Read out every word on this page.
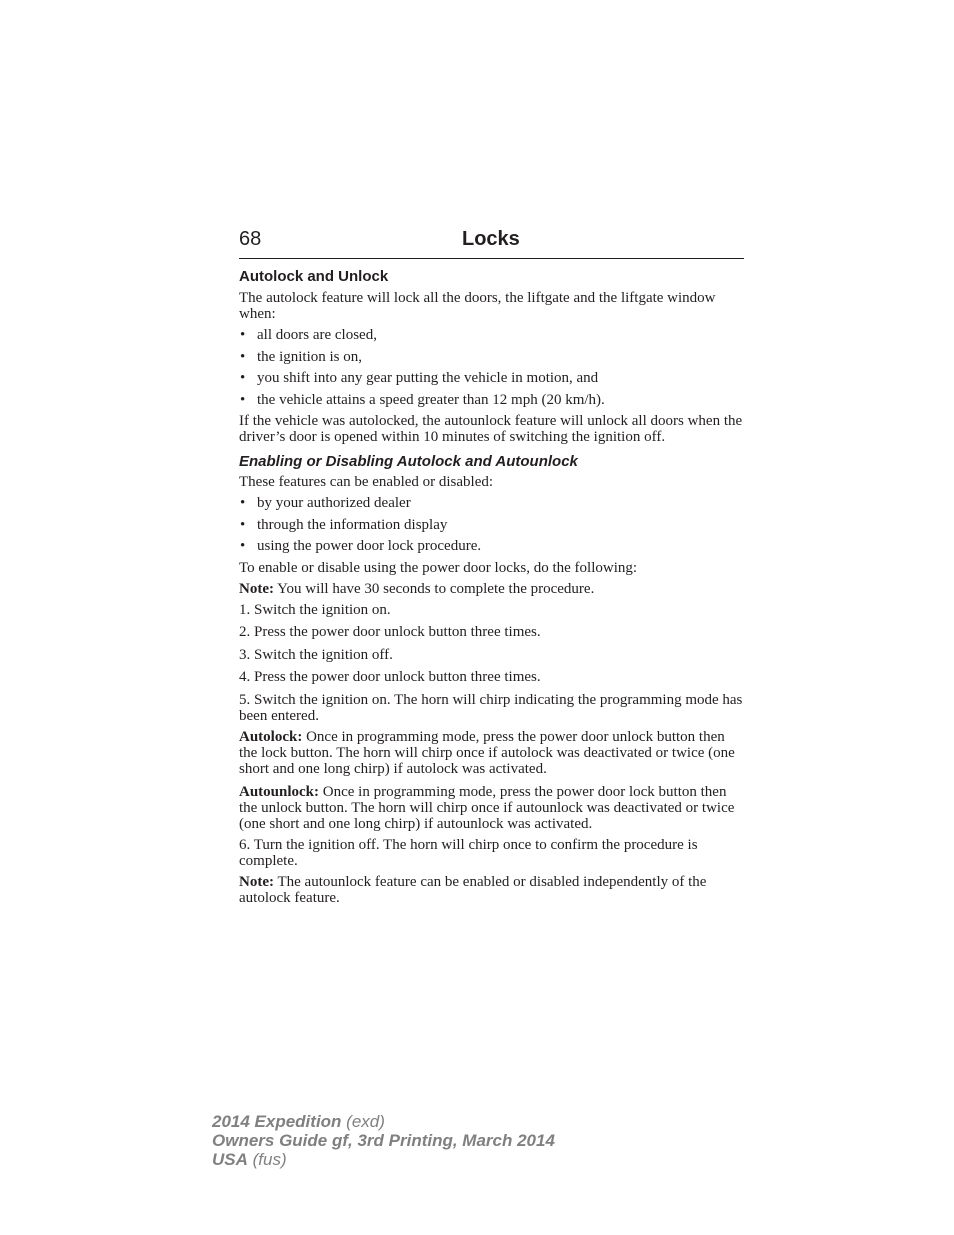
68	Locks
Autolock and Unlock

The autolock feature will lock all the doors, the liftgate and the liftgate window when:

• all doors are closed,
• the ignition is on,
• you shift into any gear putting the vehicle in motion, and
• the vehicle attains a speed greater than 12 mph (20 km/h).

If the vehicle was autolocked, the autounlock feature will unlock all doors when the driver’s door is opened within 10 minutes of switching the ignition off.

Enabling or Disabling Autolock and Autounlock

These features can be enabled or disabled:

• by your authorized dealer
• through the information display
• using the power door lock procedure.

To enable or disable using the power door locks, do the following:

Note: You will have 30 seconds to complete the procedure.

1. Switch the ignition on.

2. Press the power door unlock button three times.

3. Switch the ignition off.

4. Press the power door unlock button three times.

5. Switch the ignition on. The horn will chirp indicating the programming mode has been entered.

Autolock: Once in programming mode, press the power door unlock button then the lock button. The horn will chirp once if autolock was deactivated or twice (one short and one long chirp) if autolock was activated.

Autounlock: Once in programming mode, press the power door lock button then the unlock button. The horn will chirp once if autounlock was deactivated or twice (one short and one long chirp) if autounlock was activated.

6. Turn the ignition off. The horn will chirp once to confirm the procedure is complete.

Note: The autounlock feature can be enabled or disabled independently of the autolock feature.

2014 Expedition (exd)
Owners Guide gf, 3rd Printing, March 2014
USA (fus)
